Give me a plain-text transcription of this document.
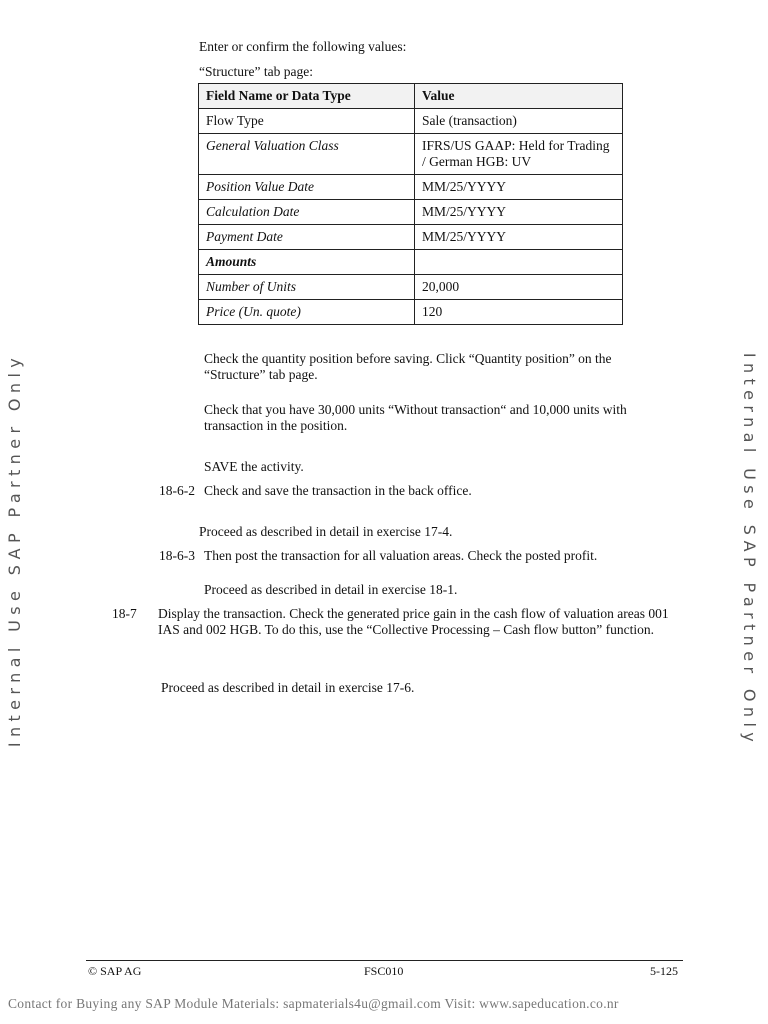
Enter or confirm the following values:
“Structure” tab page:
Field Name or Data Type	Value
Flow Type	Sale (transaction)
General Valuation Class	IFRS/US GAAP: Held for Trading / German HGB: UV
Position Value Date	MM/25/YYYY
Calculation Date	MM/25/YYYY
Payment Date	MM/25/YYYY
Amounts	
Number of Units	20,000
Price (Un. quote)	120
Check the quantity position before saving. Click “Quantity position” on the “Structure” tab page.
Check that you have 30,000 units “Without transaction“ and 10,000 units with transaction in the position.
SAVE the activity.
18-6-2 Check and save the transaction in the back office.
Proceed as described in detail in exercise 17-4.
18-6-3 Then post the transaction for all valuation areas. Check the posted profit.
Proceed as described in detail in exercise 18-1.
18-7 Display the transaction. Check the generated price gain in the cash flow of valuation areas 001 IAS and 002 HGB. To do this, use the “Collective Processing – Cash flow button” function.
Proceed as described in detail in exercise 17-6.
Internal Use SAP Partner Only	Internal Use SAP Partner Only
© SAP AG	FSC010	5-125
Contact for Buying any SAP Module Materials: sapmaterials4u@gmail.com Visit: www.sapeducation.co.nr
